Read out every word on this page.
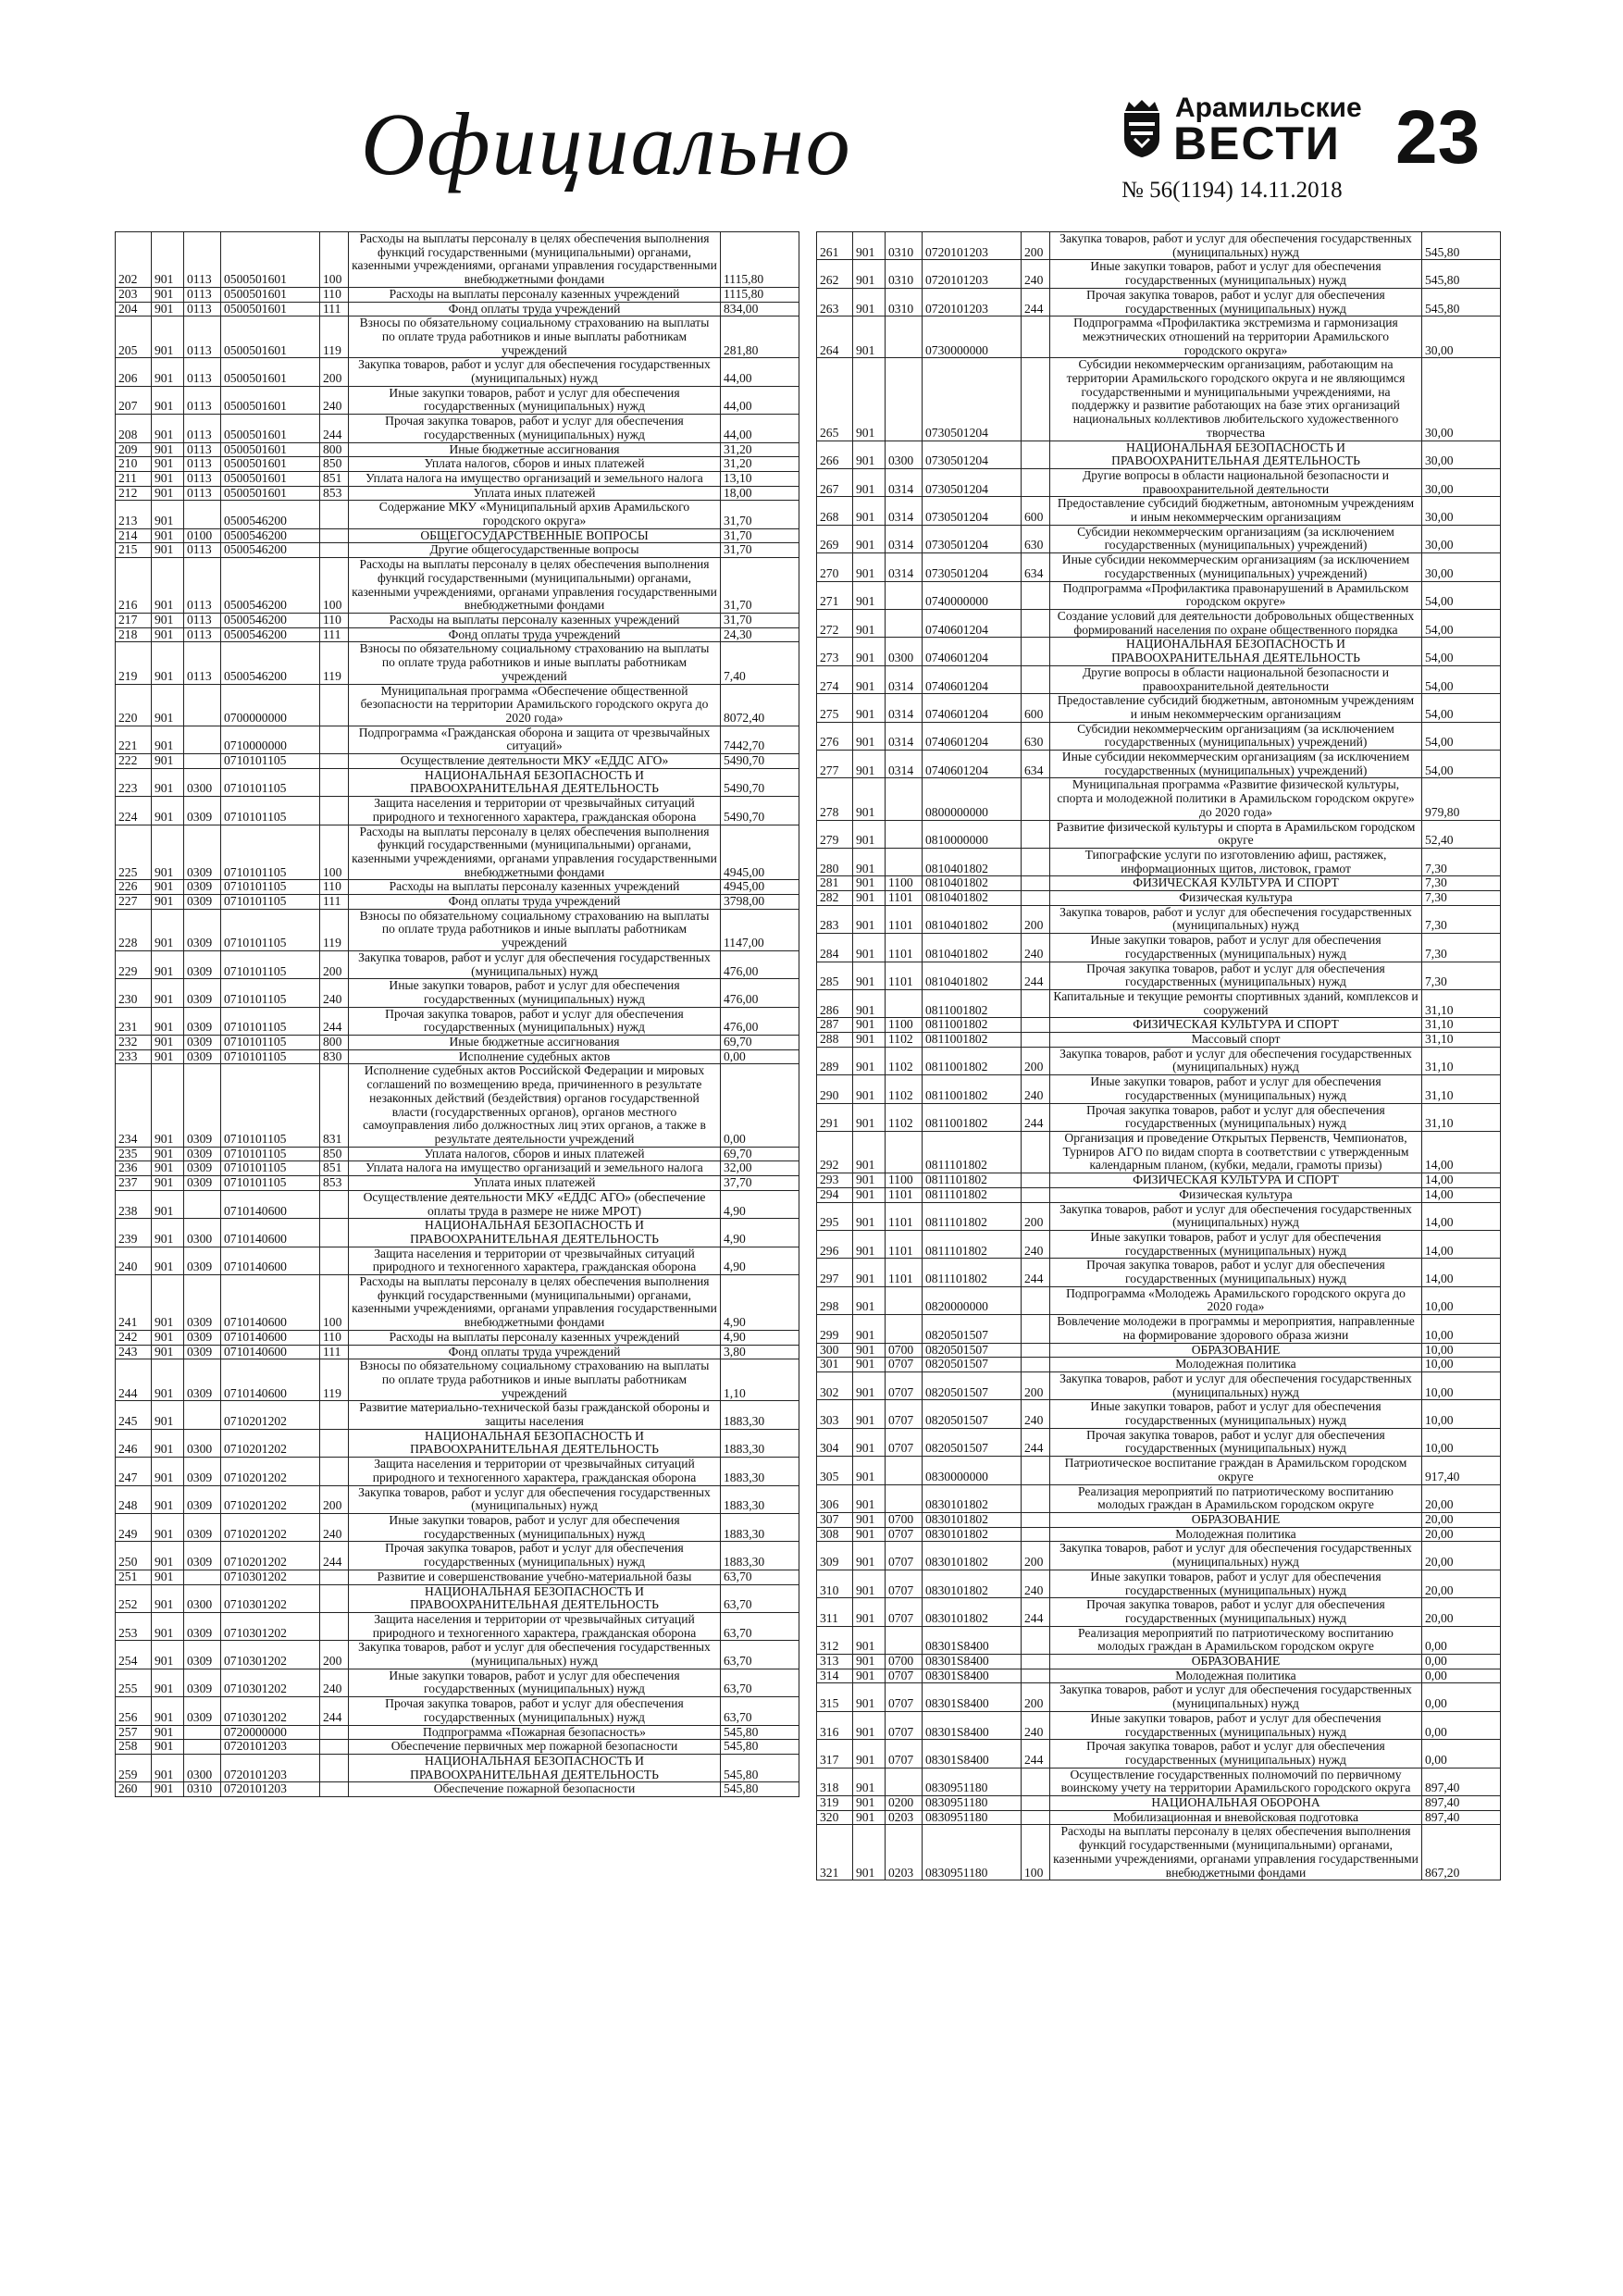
Официально	Арамильские
ВЕСТИ
№ 56(1194) 14.11.2018
23
202	901	0113	0500501601	100	Расходы на выплаты персоналу в целях обеспечения выполнения функций государственными (муниципальными) органами, казенными учреждениями, органами управления государственными внебюджетными фондами	1115,80
203	901	0113	0500501601	110	Расходы на выплаты персоналу казенных учреждений	1115,80
204	901	0113	0500501601	111	Фонд оплаты труда учреждений	834,00
205	901	0113	0500501601	119	Взносы по обязательному социальному страхованию на выплаты по оплате труда работников и иные выплаты работникам учреждений	281,80
206	901	0113	0500501601	200	Закупка товаров, работ и услуг для обеспечения государственных (муниципальных) нужд	44,00
207	901	0113	0500501601	240	Иные закупки товаров, работ и услуг для обеспечения государственных (муниципальных) нужд	44,00
208	901	0113	0500501601	244	Прочая закупка товаров, работ и услуг для обеспечения государственных (муниципальных) нужд	44,00
209	901	0113	0500501601	800	Иные бюджетные ассигнования	31,20
210	901	0113	0500501601	850	Уплата налогов, сборов и иных платежей	31,20
211	901	0113	0500501601	851	Уплата налога на имущество организаций и земельного налога	13,10
212	901	0113	0500501601	853	Уплата иных платежей	18,00
213	901		0500546200		Содержание МКУ «Муниципальный архив Арамильского городского округа»	31,70
214	901	0100	0500546200		ОБЩЕГОСУДАРСТВЕННЫЕ ВОПРОСЫ	31,70
215	901	0113	0500546200		Другие общегосударственные вопросы	31,70
216	901	0113	0500546200	100	Расходы на выплаты персоналу в целях обеспечения выполнения функций государственными (муниципальными) органами, казенными учреждениями, органами управления государственными внебюджетными фондами	31,70
217	901	0113	0500546200	110	Расходы на выплаты персоналу казенных учреждений	31,70
218	901	0113	0500546200	111	Фонд оплаты труда учреждений	24,30
219	901	0113	0500546200	119	Взносы по обязательному социальному страхованию на выплаты по оплате труда работников и иные выплаты работникам учреждений	7,40
220	901		0700000000		Муниципальная программа «Обеспечение общественной безопасности на территории Арамильского городского округа до 2020 года»	8072,40
221	901		0710000000		Подпрограмма «Гражданская оборона и защита от чрезвычайных ситуаций»	7442,70
222	901		0710101105		Осуществление деятельности МКУ «ЕДДС АГО»	5490,70
223	901	0300	0710101105		НАЦИОНАЛЬНАЯ БЕЗОПАСНОСТЬ И ПРАВООХРАНИТЕЛЬНАЯ ДЕЯТЕЛЬНОСТЬ	5490,70
224	901	0309	0710101105		Защита населения и территории от чрезвычайных ситуаций природного и техногенного характера, гражданская оборона	5490,70
225	901	0309	0710101105	100	Расходы на выплаты персоналу в целях обеспечения выполнения функций государственными (муниципальными) органами, казенными учреждениями, органами управления государственными внебюджетными фондами	4945,00
226	901	0309	0710101105	110	Расходы на выплаты персоналу казенных учреждений	4945,00
227	901	0309	0710101105	111	Фонд оплаты труда учреждений	3798,00
228	901	0309	0710101105	119	Взносы по обязательному социальному страхованию на выплаты по оплате труда работников и иные выплаты работникам учреждений	1147,00
229	901	0309	0710101105	200	Закупка товаров, работ и услуг для обеспечения государственных (муниципальных) нужд	476,00
230	901	0309	0710101105	240	Иные закупки товаров, работ и услуг для обеспечения государственных (муниципальных) нужд	476,00
231	901	0309	0710101105	244	Прочая закупка товаров, работ и услуг для обеспечения государственных (муниципальных) нужд	476,00
232	901	0309	0710101105	800	Иные бюджетные ассигнования	69,70
233	901	0309	0710101105	830	Исполнение судебных актов	0,00
234	901	0309	0710101105	831	Исполнение судебных актов Российской Федерации и мировых соглашений по возмещению вреда, причиненного в результате незаконных действий (бездействия) органов государственной власти (государственных органов), органов местного самоуправления либо должностных лиц этих органов, а также в результате деятельности учреждений	0,00
235	901	0309	0710101105	850	Уплата налогов, сборов и иных платежей	69,70
236	901	0309	0710101105	851	Уплата налога на имущество организаций и земельного налога	32,00
237	901	0309	0710101105	853	Уплата иных платежей	37,70
238	901		0710140600		Осуществление деятельности МКУ «ЕДДС АГО» (обеспечение оплаты труда в размере не ниже МРОТ)	4,90
239	901	0300	0710140600		НАЦИОНАЛЬНАЯ БЕЗОПАСНОСТЬ И ПРАВООХРАНИТЕЛЬНАЯ ДЕЯТЕЛЬНОСТЬ	4,90
240	901	0309	0710140600		Защита населения и территории от чрезвычайных ситуаций природного и техногенного характера, гражданская оборона	4,90
241	901	0309	0710140600	100	Расходы на выплаты персоналу в целях обеспечения выполнения функций государственными (муниципальными) органами, казенными учреждениями, органами управления государственными внебюджетными фондами	4,90
242	901	0309	0710140600	110	Расходы на выплаты персоналу казенных учреждений	4,90
243	901	0309	0710140600	111	Фонд оплаты труда учреждений	3,80
244	901	0309	0710140600	119	Взносы по обязательному социальному страхованию на выплаты по оплате труда работников и иные выплаты работникам учреждений	1,10
245	901		0710201202		Развитие материально-технической базы гражданской обороны и защиты населения	1883,30
246	901	0300	0710201202		НАЦИОНАЛЬНАЯ БЕЗОПАСНОСТЬ И ПРАВООХРАНИТЕЛЬНАЯ ДЕЯТЕЛЬНОСТЬ	1883,30
247	901	0309	0710201202		Защита населения и территории от чрезвычайных ситуаций природного и техногенного характера, гражданская оборона	1883,30
248	901	0309	0710201202	200	Закупка товаров, работ и услуг для обеспечения государственных (муниципальных) нужд	1883,30
249	901	0309	0710201202	240	Иные закупки товаров, работ и услуг для обеспечения государственных (муниципальных) нужд	1883,30
250	901	0309	0710201202	244	Прочая закупка товаров, работ и услуг для обеспечения государственных (муниципальных) нужд	1883,30
251	901		0710301202		Развитие и совершенствование учебно-материальной базы	63,70
252	901	0300	0710301202		НАЦИОНАЛЬНАЯ БЕЗОПАСНОСТЬ И ПРАВООХРАНИТЕЛЬНАЯ ДЕЯТЕЛЬНОСТЬ	63,70
253	901	0309	0710301202		Защита населения и территории от чрезвычайных ситуаций природного и техногенного характера, гражданская оборона	63,70
254	901	0309	0710301202	200	Закупка товаров, работ и услуг для обеспечения государственных (муниципальных) нужд	63,70
255	901	0309	0710301202	240	Иные закупки товаров, работ и услуг для обеспечения государственных (муниципальных) нужд	63,70
256	901	0309	0710301202	244	Прочая закупка товаров, работ и услуг для обеспечения государственных (муниципальных) нужд	63,70
257	901		0720000000		Подпрограмма «Пожарная безопасность»	545,80
258	901		0720101203		Обеспечение первичных мер пожарной безопасности	545,80
259	901	0300	0720101203		НАЦИОНАЛЬНАЯ БЕЗОПАСНОСТЬ И ПРАВООХРАНИТЕЛЬНАЯ ДЕЯТЕЛЬНОСТЬ	545,80
260	901	0310	0720101203		Обеспечение пожарной безопасности	545,80
261	901	0310	0720101203	200	Закупка товаров, работ и услуг для обеспечения государственных (муниципальных) нужд	545,80
262	901	0310	0720101203	240	Иные закупки товаров, работ и услуг для обеспечения государственных (муниципальных) нужд	545,80
263	901	0310	0720101203	244	Прочая закупка товаров, работ и услуг для обеспечения государственных (муниципальных) нужд	545,80
264	901		0730000000		Подпрограмма «Профилактика экстремизма и гармонизация межэтнических отношений на территории Арамильского городского округа»	30,00
265	901		0730501204		Субсидии некоммерческим организациям, работающим на территории Арамильского городского округа и не являющимся государственными и муниципальными учреждениями, на поддержку и развитие работающих на базе этих организаций национальных коллективов любительского художественного творчества	30,00
266	901	0300	0730501204		НАЦИОНАЛЬНАЯ БЕЗОПАСНОСТЬ И ПРАВООХРАНИТЕЛЬНАЯ ДЕЯТЕЛЬНОСТЬ	30,00
267	901	0314	0730501204		Другие вопросы в области национальной безопасности и правоохранительной деятельности	30,00
268	901	0314	0730501204	600	Предоставление субсидий бюджетным, автономным учреждениям и иным некоммерческим организациям	30,00
269	901	0314	0730501204	630	Субсидии некоммерческим организациям (за исключением государственных (муниципальных) учреждений)	30,00
270	901	0314	0730501204	634	Иные субсидии некоммерческим организациям (за исключением государственных (муниципальных) учреждений)	30,00
271	901		0740000000		Подпрограмма «Профилактика правонарушений в Арамильском городском округе»	54,00
272	901		0740601204		Создание условий для деятельности добровольных общественных формирований населения по охране общественного порядка	54,00
273	901	0300	0740601204		НАЦИОНАЛЬНАЯ БЕЗОПАСНОСТЬ И ПРАВООХРАНИТЕЛЬНАЯ ДЕЯТЕЛЬНОСТЬ	54,00
274	901	0314	0740601204		Другие вопросы в области национальной безопасности и правоохранительной деятельности	54,00
275	901	0314	0740601204	600	Предоставление субсидий бюджетным, автономным учреждениям и иным некоммерческим организациям	54,00
276	901	0314	0740601204	630	Субсидии некоммерческим организациям (за исключением государственных (муниципальных) учреждений)	54,00
277	901	0314	0740601204	634	Иные субсидии некоммерческим организациям (за исключением государственных (муниципальных) учреждений)	54,00
278	901		0800000000		Муниципальная программа «Развитие физической культуры, спорта и молодежной политики в Арамильском городском округе» до 2020 года»	979,80
279	901		0810000000		Развитие физической культуры и спорта в Арамильском городском округе	52,40
280	901		0810401802		Типографские услуги по изготовлению афиш, растяжек, информационных щитов, листовок, грамот	7,30
281	901	1100	0810401802		ФИЗИЧЕСКАЯ КУЛЬТУРА И СПОРТ	7,30
282	901	1101	0810401802		Физическая культура	7,30
283	901	1101	0810401802	200	Закупка товаров, работ и услуг для обеспечения государственных (муниципальных) нужд	7,30
284	901	1101	0810401802	240	Иные закупки товаров, работ и услуг для обеспечения государственных (муниципальных) нужд	7,30
285	901	1101	0810401802	244	Прочая закупка товаров, работ и услуг для обеспечения государственных (муниципальных) нужд	7,30
286	901		0811001802		Капитальные и текущие ремонты спортивных зданий, комплексов и сооружений	31,10
287	901	1100	0811001802		ФИЗИЧЕСКАЯ КУЛЬТУРА И СПОРТ	31,10
288	901	1102	0811001802		Массовый спорт	31,10
289	901	1102	0811001802	200	Закупка товаров, работ и услуг для обеспечения государственных (муниципальных) нужд	31,10
290	901	1102	0811001802	240	Иные закупки товаров, работ и услуг для обеспечения государственных (муниципальных) нужд	31,10
291	901	1102	0811001802	244	Прочая закупка товаров, работ и услуг для обеспечения государственных (муниципальных) нужд	31,10
292	901		0811101802		Организация и проведение Открытых Первенств, Чемпионатов, Турниров АГО по видам спорта в соответствии с утвержденным календарным планом, (кубки, медали, грамоты призы)	14,00
293	901	1100	0811101802		ФИЗИЧЕСКАЯ КУЛЬТУРА И СПОРТ	14,00
294	901	1101	0811101802		Физическая культура	14,00
295	901	1101	0811101802	200	Закупка товаров, работ и услуг для обеспечения государственных (муниципальных) нужд	14,00
296	901	1101	0811101802	240	Иные закупки товаров, работ и услуг для обеспечения государственных (муниципальных) нужд	14,00
297	901	1101	0811101802	244	Прочая закупка товаров, работ и услуг для обеспечения государственных (муниципальных) нужд	14,00
298	901		0820000000		Подпрограмма «Молодежь Арамильского городского округа до 2020 года»	10,00
299	901		0820501507		Вовлечение молодежи в программы и мероприятия, направленные на формирование здорового образа жизни	10,00
300	901	0700	0820501507		ОБРАЗОВАНИЕ	10,00
301	901	0707	0820501507		Молодежная политика	10,00
302	901	0707	0820501507	200	Закупка товаров, работ и услуг для обеспечения государственных (муниципальных) нужд	10,00
303	901	0707	0820501507	240	Иные закупки товаров, работ и услуг для обеспечения государственных (муниципальных) нужд	10,00
304	901	0707	0820501507	244	Прочая закупка товаров, работ и услуг для обеспечения государственных (муниципальных) нужд	10,00
305	901		0830000000		Патриотическое воспитание граждан в Арамильском городском округе	917,40
306	901		0830101802		Реализация мероприятий по патриотическому воспитанию молодых граждан в Арамильском городском округе	20,00
307	901	0700	0830101802		ОБРАЗОВАНИЕ	20,00
308	901	0707	0830101802		Молодежная политика	20,00
309	901	0707	0830101802	200	Закупка товаров, работ и услуг для обеспечения государственных (муниципальных) нужд	20,00
310	901	0707	0830101802	240	Иные закупки товаров, работ и услуг для обеспечения государственных (муниципальных) нужд	20,00
311	901	0707	0830101802	244	Прочая закупка товаров, работ и услуг для обеспечения государственных (муниципальных) нужд	20,00
312	901		08301S8400		Реализация мероприятий по патриотическому воспитанию молодых граждан в Арамильском городском округе	0,00
313	901	0700	08301S8400		ОБРАЗОВАНИЕ	0,00
314	901	0707	08301S8400		Молодежная политика	0,00
315	901	0707	08301S8400	200	Закупка товаров, работ и услуг для обеспечения государственных (муниципальных) нужд	0,00
316	901	0707	08301S8400	240	Иные закупки товаров, работ и услуг для обеспечения государственных (муниципальных) нужд	0,00
317	901	0707	08301S8400	244	Прочая закупка товаров, работ и услуг для обеспечения государственных (муниципальных) нужд	0,00
318	901		0830951180		Осуществление государственных полномочий по первичному воинскому учету на территории Арамильского городского округа	897,40
319	901	0200	0830951180		НАЦИОНАЛЬНАЯ ОБОРОНА	897,40
320	901	0203	0830951180		Мобилизационная и вневойсковая подготовка	897,40
321	901	0203	0830951180	100	Расходы на выплаты персоналу в целях обеспечения выполнения функций государственными (муниципальными) органами, казенными учреждениями, органами управления государственными внебюджетными фондами	867,20
